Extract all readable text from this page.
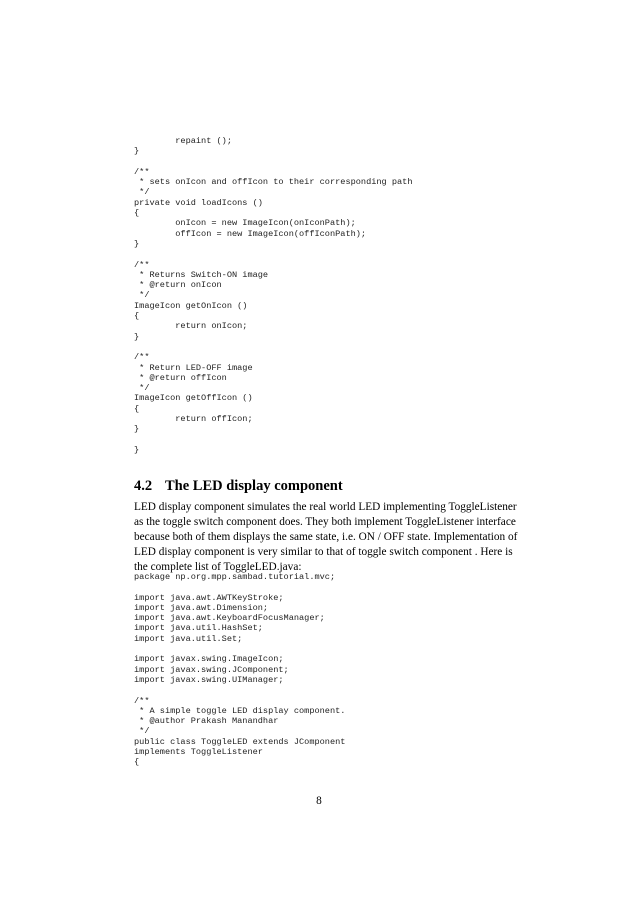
repaint ();
}

/**
* sets onIcon and offIcon to their corresponding path
*/
private void loadIcons ()
{
onIcon = new ImageIcon(onIconPath);
offIcon = new ImageIcon(offIconPath);
}

/**
* Returns Switch-ON image
* @return onIcon
*/
ImageIcon getOnIcon ()
{
return onIcon;
}

/**
* Return LED-OFF image
* @return offIcon
*/
ImageIcon getOffIcon ()
{
return offIcon;
}

}
4.2 The LED display component

LED display component simulates the real world LED implementing ToggleListener
as the toggle switch component does. They both implement ToggleListener interface
because both of them displays the same state, i.e. ON / OFF state. Implementation of
LED display component is very similar to that of toggle switch component . Here is
the complete list of ToggleLED.java:

package np.org.mpp.sambad.tutorial.mvc;

import java.awt.AWTKeyStroke;
import java.awt.Dimension;
import java.awt.KeyboardFocusManager;
import java.util.HashSet;
import java.util.Set;

import javax.swing.ImageIcon;
import javax.swing.JComponent;
import javax.swing.UIManager;

/**
* A simple toggle LED display component.
* @author Prakash Manandhar
*/
public class ToggleLED extends JComponent
implements ToggleListener
{
8
